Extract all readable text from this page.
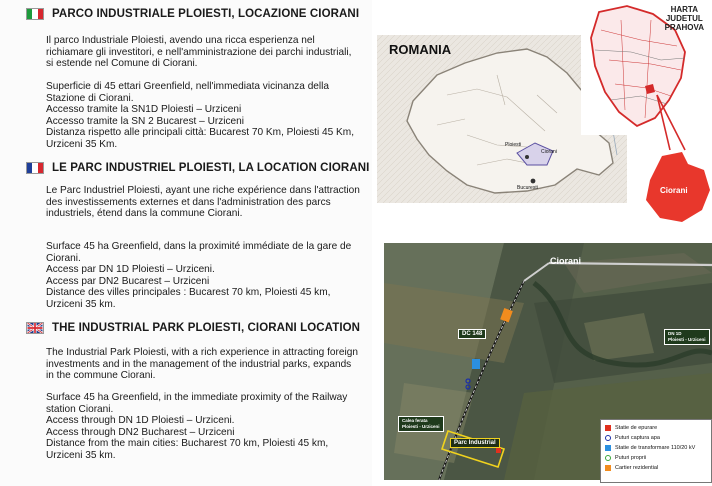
PARCO INDUSTRIALE PLOIESTI, LOCAZIONE CIORANI

Il parco Industriale Ploiesti, avendo una ricca esperienza nel richiamare gli investitori, e nell'amministrazione dei parchi industriali, si estende nel Comune di Ciorani.

Superficie di 45 ettari Greenfield, nell'immediata vicinanza della Stazione di Ciorani.

Accesso tramite la SN1D Ploiesti – Urziceni

Accesso tramite la SN 2 Bucarest – Urziceni

Distanza rispetto alle principali città: Bucarest 70 Km, Ploiesti 45 Km, Urziceni 35 Km.

LE PARC INDUSTRIEL PLOIESTI, LA LOCATION CIORANI

Le Parc Industriel Ploiesti, ayant une riche expérience dans l'attraction des investissements externes et dans l'administration des parcs industriels, étend dans la commune Ciorani.

Surface 45 ha Greenfield, dans la proximité immédiate de la gare de Ciorani.

Access par DN 1D Ploiesti – Urziceni.

Access par DN2 Bucarest – Urziceni

Distance des villes principales : Bucarest 70 km, Ploiesti 45 km, Urziceni 35 km.

THE INDUSTRIAL PARK PLOIESTI, CIORANI LOCATION

The Industrial Park Ploiesti, with a rich experience in attracting foreign investments and in the management of the industrial parks, expands in the commune Ciorani.

Surface 45 ha Greenfield, in the immediate proximity of the Railway station Ciorani.

Access through DN 1D Ploiesti – Urziceni.

Access through DN2 Bucharest – Urziceni

Distance from the main cities: Bucharest 70 km, Ploiesti 45 km, Urziceni 35 km.

ROMANIA
Ploiesti
Ciorani
Bucuresti
HARTA
JUDETUL
PRAHOVA
Ciorani
Ciorani
DC 148	DN 1D
Ploiesti - Urziceni
Calea ferata
Ploiesti - Urziceni
Parc Industrial
Statie de epurare
Puturi captura apa
Statie de transformare 110/20 kV
Puturi proprii
Cartier rezidential
